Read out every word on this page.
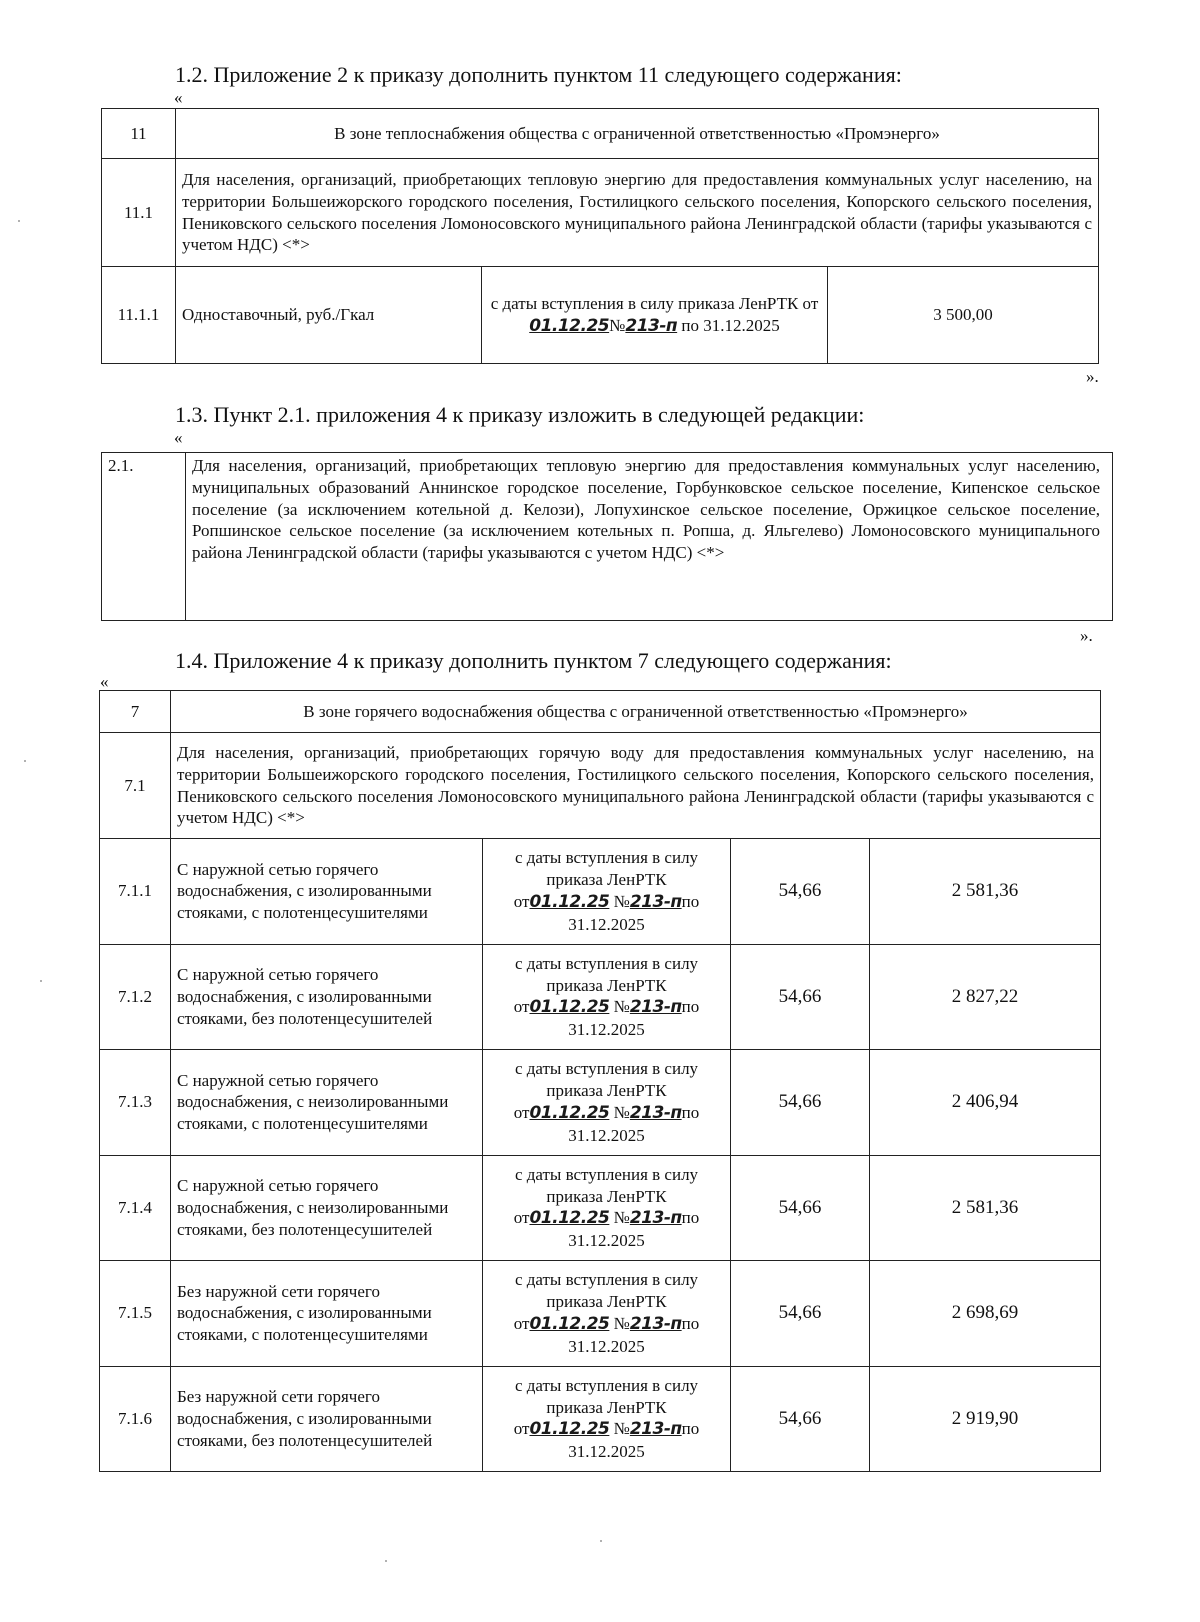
1.2. Приложение 2 к приказу дополнить пунктом 11 следующего содержания:
«
11	В зоне теплоснабжения общества с ограниченной ответственностью «Промэнерго»		
11.1	Для населения, организаций, приобретающих тепловую энергию для предоставления коммунальных услуг населению, на территории Большеижорского городского поселения, Гостилицкого сельского поселения, Копорского сельского поселения, Пениковского сельского поселения Ломоносовского муниципального района Ленинградской области (тарифы указываются с учетом НДС) <*>		
11.1.1	Одноставочный, руб./Гкал	с даты вступления в силу приказа ЛенРТК от 01.12.25№213-п по 31.12.2025	3 500,00
».
1.3. Пункт 2.1. приложения 4 к приказу изложить в следующей редакции:
«
2.1.	Для населения, организаций, приобретающих тепловую энергию для предоставления коммунальных услуг населению, муниципальных образований Аннинское городское поселение, Горбунковское сельское поселение, Кипенское сельское поселение (за исключением котельной д. Келози), Лопухинское сельское поселение, Оржицкое сельское поселение, Ропшинское сельское поселение (за исключением котельных п. Ропша, д. Яльгелево) Ломоносовского муниципального района Ленинградской области (тарифы указываются с учетом НДС) <*>
».
1.4. Приложение 4 к приказу дополнить пунктом 7 следующего содержания:
«
7	В зоне горячего водоснабжения общества с ограниченной ответственностью «Промэнерго»			
7.1	Для населения, организаций, приобретающих горячую воду для предоставления коммунальных услуг населению, на территории Большеижорского городского поселения, Гостилицкого сельского поселения, Копорского сельского поселения, Пениковского сельского поселения Ломоносовского муниципального района Ленинградской области (тарифы указываются с учетом НДС) <*>			
7.1.1	С наружной сетью горячего водоснабжения, с изолированными стояками, с полотенцесушителями	с даты вступления в силу
приказа ЛенРТК
от01.12.25 №213-ппо
31.12.2025	54,66	2 581,36
7.1.2	С наружной сетью горячего водоснабжения, с изолированными стояками, без полотенцесушителей	с даты вступления в силу
приказа ЛенРТК
от01.12.25 №213-ппо
31.12.2025	54,66	2 827,22
7.1.3	С наружной сетью горячего водоснабжения, с неизолированными стояками, с полотенцесушителями	с даты вступления в силу
приказа ЛенРТК
от01.12.25 №213-ппо
31.12.2025	54,66	2 406,94
7.1.4	С наружной сетью горячего водоснабжения, с неизолированными стояками, без полотенцесушителей	с даты вступления в силу
приказа ЛенРТК
от01.12.25 №213-ппо
31.12.2025	54,66	2 581,36
7.1.5	Без наружной сети горячего водоснабжения, с изолированными стояками, с полотенцесушителями	с даты вступления в силу
приказа ЛенРТК
от01.12.25 №213-ппо
31.12.2025	54,66	2 698,69
7.1.6	Без наружной сети горячего водоснабжения, с изолированными стояками, без полотенцесушителей	с даты вступления в силу
приказа ЛенРТК
от01.12.25 №213-ппо
31.12.2025	54,66	2 919,90
